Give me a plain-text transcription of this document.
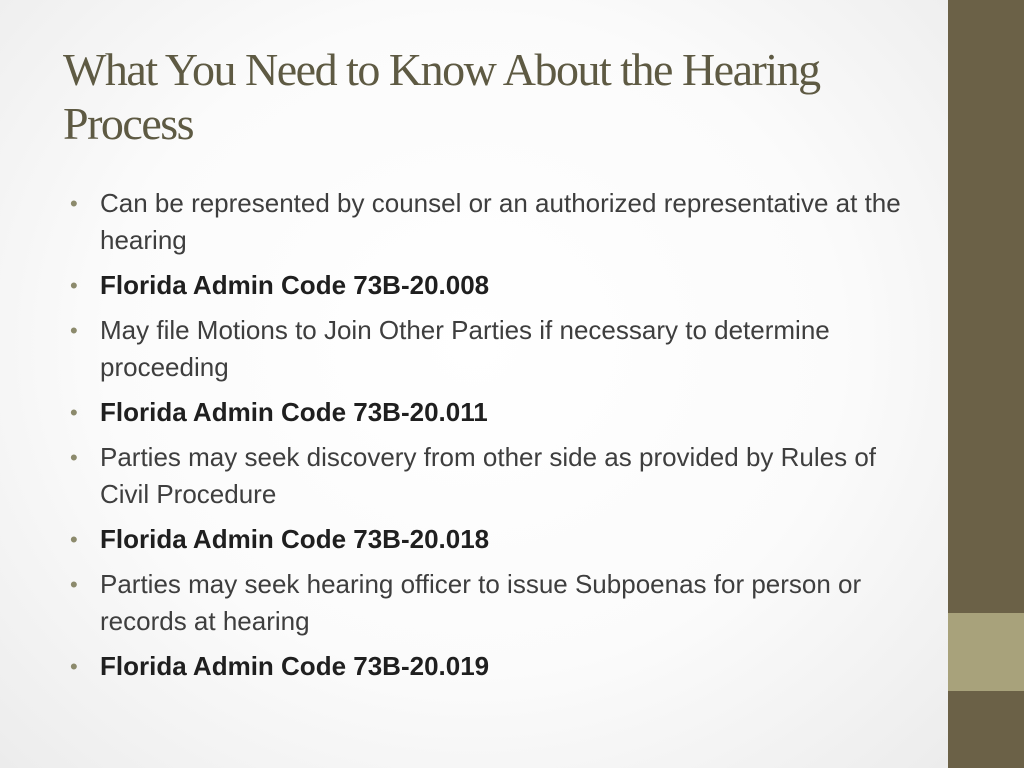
What You Need to Know About the Hearing Process
• Can be represented by counsel or an authorized representative at the hearing
• Florida Admin Code 73B-20.008
• May file Motions to Join Other Parties if necessary to determine proceeding
• Florida Admin Code 73B-20.011
• Parties may seek discovery from other side as provided by Rules of Civil Procedure
• Florida Admin Code 73B-20.018
• Parties may seek hearing officer to issue Subpoenas for person or records at hearing
• Florida Admin Code 73B-20.019
